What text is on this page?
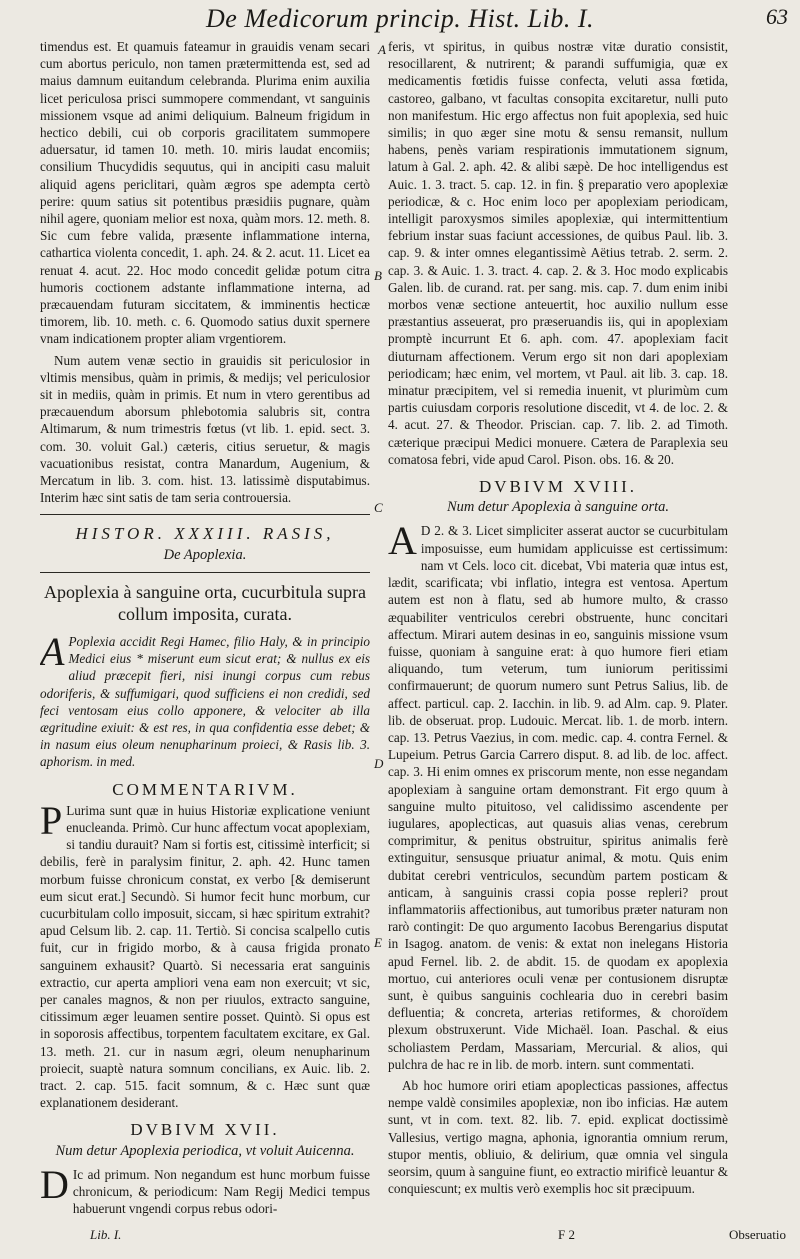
De Medicorum princip. Hist. Lib. I.	63
A
B
C
D
E

timendus est. Et quamuis fateamur in grauidis venam secari cum abortus periculo, non tamen prætermittenda est, sed ad maius damnum euitandum celebranda. Plurima enim auxilia licet periculosa prisci summopere commendant, vt sanguinis missionem vsque ad animi deliquium. Balneum frigidum in hectico debili, cui ob corporis gracilitatem summopere aduersatur, id tamen 10. meth. 10. miris laudat encomiis; consilium Thucydidis sequutus, qui in ancipiti casu maluit aliquid agens periclitari, quàm ægros spe adempta certò perire: quum satius sit potentibus præsidiis pugnare, quàm nihil agere, quoniam melior est noxa, quàm mors. 12. meth. 8. Sic cum febre valida, præsente inflammatione interna, cathartica violenta concedit, 1. aph. 24. & 2. acut. 11. Licet ea renuat 4. acut. 22. Hoc modo concedit gelidæ potum citra humoris coctionem adstante inflammatione interna, ad præcauendam futuram siccitatem, & imminentis hecticæ timorem, lib. 10. meth. c. 6. Quomodo satius duxit spernere vnam indicationem propter aliam vrgentiorem.

Num autem venæ sectio in grauidis sit periculosior in vltimis mensibus, quàm in primis, & medijs; vel periculosior sit in mediis, quàm in primis. Et num in vtero gerentibus ad præcauendum aborsum phlebotomia salubris sit, contra Altimarum, & num trimestris fœtus (vt lib. 1. epid. sect. 3. com. 30. voluit Gal.) cæteris, citius seruetur, & magis vacuationibus resistat, contra Manardum, Augenium, & Mercatum in lib. 3. com. hist. 13. latissimè disputabimus. Interim hæc sint satis de tam seria controuersia.

HISTOR. XXXIII. RASIS,
De Apoplexia.
Apoplexia à sanguine orta, cucurbitula supra collum imposita, curata.

A Poplexia accidit Regi Hamec, filio Haly, & in principio Medici eius * miserunt eum sicut erat; & nullus ex eis aliud præcepit fieri, nisi inungi corpus cum rebus odoriferis, & suffumigari, quod sufficiens ei non credidi, sed feci ventosam eius collo apponere, & velociter ab illa ægritudine exiuit: & est res, in qua confidentia esse debet; & in nasum eius oleum nenupharinum proieci, & Rasis lib. 3. aphorism. in med.

COMMENTARIVM.

P Lurima sunt quæ in huius Historiæ explicatione veniunt enucleanda. Primò. Cur hunc affectum vocat apoplexiam, si tandiu durauit? Nam si fortis est, citissimè interficit; si debilis, ferè in paralysim finitur, 2. aph. 42. Hunc tamen morbum fuisse chronicum constat, ex verbo [& demiserunt eum sicut erat.] Secundò. Si humor fecit hunc morbum, cur cucurbitulam collo imposuit, siccam, si hæc spiritum extrahit? apud Celsum lib. 2. cap. 11. Tertiò. Si concisa scalpello cutis fuit, cur in frigido morbo, & à causa frigida pronato sanguinem exhausit? Quartò. Si necessaria erat sanguinis extractio, cur aperta ampliori vena eam non exercuit; vt sic, per canales magnos, & non per riuulos, extracto sanguine, citissimum æger leuamen sentire posset. Quintò. Si opus est in soporosis affectibus, torpentem facultatem excitare, ex Gal. 13. meth. 21. cur in nasum ægri, oleum nenupharinum proiecit, suaptè natura somnum concilians, ex Auic. lib. 2. tract. 2. cap. 515. facit somnum, & c. Hæc sunt quæ explanationem desiderant.

DVBIVM XVII.
Num detur Apoplexia periodica, vt voluit Auicenna.

D Ic ad primum. Non negandum est hunc morbum fuisse chronicum, & periodicum: Nam Regij Medici tempus habuerunt vngendi corpus rebus odori-

feris, vt spiritus, in quibus nostræ vitæ duratio consistit, resocillarent, & nutrirent; & parandi suffumigia, quæ ex medicamentis fœtidis fuisse confecta, veluti assa fœtida, castoreo, galbano, vt facultas consopita excitaretur, nulli puto non manifestum. Hic ergo affectus non fuit apoplexia, sed huic similis; in quo æger sine motu & sensu remansit, nullum habens, penès variam respirationis immutationem signum, latum à Gal. 2. aph. 42. & alibi sæpè. De hoc intelligendus est Auic. 1. 3. tract. 5. cap. 12. in fin. § preparatio vero apoplexiæ periodicæ, & c. Hoc enim loco per apoplexiam periodicam, intelligit paroxysmos similes apoplexiæ, qui intermittentium febrium instar suas faciunt accessiones, de quibus Paul. lib. 3. cap. 9. & inter omnes elegantissimè Aëtius tetrab. 2. serm. 2. cap. 3. & Auic. 1. 3. tract. 4. cap. 2. & 3. Hoc modo explicabis Galen. lib. de curand. rat. per sang. mis. cap. 7. dum enim inibi morbos venæ sectione anteuertit, hoc auxilio nullum esse præstantius asseuerat, pro præseruandis iis, qui in apoplexiam promptè incurrunt Et 6. aph. com. 47. apoplexiam facit diuturnam affectionem. Verum ergo sit non dari apoplexiam periodicam; hæc enim, vel mortem, vt Paul. ait lib. 3. cap. 18. minatur præcipitem, vel si remedia inuenit, vt plurimùm cum partis cuiusdam corporis resolutione discedit, vt 4. de loc. 2. & 4. acut. 27. & Theodor. Priscian. cap. 7. lib. 2. ad Timoth. cæterique præcipui Medici monuere. Cætera de Paraplexia seu comatosa febri, vide apud Carol. Pison. obs. 16. & 20.

DVBIVM XVIII.
Num detur Apoplexia à sanguine orta.

A D 2. & 3. Licet simpliciter asserat auctor se cucurbitulam imposuisse, eum humidam applicuisse est certissimum: nam vt Cels. loco cit. dicebat, Vbi materia quæ intus est, lædit, scarificata; vbi inflatio, integra est ventosa. Apertum autem est non à flatu, sed ab humore multo, & crasso æquabiliter ventriculos cerebri obstruente, hunc concitari affectum. Mirari autem desinas in eo, sanguinis missione vsum fuisse, quoniam à sanguine erat: à quo humore fieri etiam aliquando, tum veterum, tum iuniorum peritissimi confirmauerunt; de quorum numero sunt Petrus Salius, lib. de affect. particul. cap. 2. Iacchin. in lib. 9. ad Alm. cap. 9. Plater. lib. de obseruat. prop. Ludouic. Mercat. lib. 1. de morb. intern. cap. 13. Petrus Vaezius, in com. medic. cap. 4. contra Fernel. & Lupeium. Petrus Garcia Carrero disput. 8. ad lib. de loc. affect. cap. 3. Hi enim omnes ex priscorum mente, non esse negandam apoplexiam à sanguine ortam demonstrant. Fit ergo quum à sanguine multo pituitoso, vel calidissimo ascendente per iugulares, apoplecticas, aut quasuis alias venas, cerebrum comprimitur, & penitus obstruitur, spiritus animalis ferè extinguitur, sensusque priuatur animal, & motu. Quis enim dubitat cerebri ventriculos, secundùm partem posticam & anticam, à sanguinis crassi copia posse repleri? prout inflammatoriis affectionibus, aut tumoribus præter naturam non rarò contingit: De quo argumento Iacobus Berengarius disputat in Isagog. anatom. de venis: & extat non inelegans Historia apud Fernel. lib. 2. de abdit. 15. de quodam ex apoplexia mortuo, cui anteriores oculi venæ per contusionem disruptæ sunt, è quibus sanguinis cochlearia duo in cerebri basim defluentia; & concreta, arterias retiformes, & choroïdem plexum obstruxerunt. Vide Michaël. Ioan. Paschal. & eius scholiastem Perdam, Massariam, Mercurial. & alios, qui pulchra de hac re in lib. de morb. intern. sunt commentati.

Ab hoc humore oriri etiam apoplecticas passiones, affectus nempe valdè consimiles apoplexiæ, non ibo inficias. Hæ autem sunt, vt in com. text. 82. lib. 7. epid. explicat doctissimè Vallesius, vertigo magna, aphonia, ignorantia omnium rerum, stupor mentis, obliuio, & delirium, quæ omnia vel singula seorsim, quum à sanguine fiunt, eo extractio mirificè leuantur & conquiescunt; ex multis verò exemplis hoc sit præcipuum.

Lib. I.	F 2	Obseruatio
